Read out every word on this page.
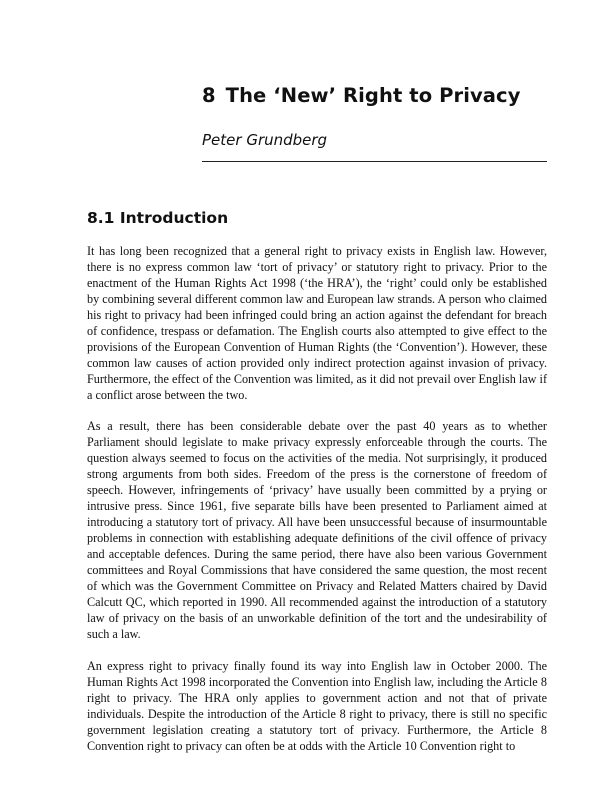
8 The ‘New’ Right to Privacy
Peter Grundberg
8.1 Introduction

It has long been recognized that a general right to privacy exists in English law. However, there is no express common law ‘tort of privacy’ or statutory right to privacy. Prior to the enactment of the Human Rights Act 1998 (‘the HRA’), the ‘right’ could only be established by combining several different common law and European law strands. A person who claimed his right to privacy had been infringed could bring an action against the defendant for breach of confidence, trespass or defamation. The English courts also attempted to give effect to the provisions of the European Convention of Human Rights (the ‘Convention’). However, these common law causes of action provided only indirect protection against invasion of privacy. Furthermore, the effect of the Convention was limited, as it did not prevail over English law if a conflict arose between the two.

As a result, there has been considerable debate over the past 40 years as to whether Parliament should legislate to make privacy expressly enforceable through the courts. The question always seemed to focus on the activities of the media. Not surprisingly, it produced strong arguments from both sides. Freedom of the press is the cornerstone of freedom of speech. However, infringements of ‘privacy’ have usually been committed by a prying or intrusive press. Since 1961, five separate bills have been presented to Parliament aimed at introducing a statutory tort of privacy. All have been unsuccessful because of insurmountable problems in connection with establishing adequate definitions of the civil offence of privacy and acceptable defences. During the same period, there have also been various Government committees and Royal Commissions that have considered the same question, the most recent of which was the Government Committee on Privacy and Related Matters chaired by David Calcutt QC, which reported in 1990. All recommended against the introduction of a statutory law of privacy on the basis of an unworkable definition of the tort and the undesirability of such a law.

An express right to privacy finally found its way into English law in October 2000. The Human Rights Act 1998 incorporated the Convention into English law, including the Article 8 right to privacy. The HRA only applies to government action and not that of private individuals. Despite the introduction of the Article 8 right to privacy, there is still no specific government legislation creating a statutory tort of privacy. Furthermore, the Article 8 Convention right to privacy can often be at odds with the Article 10 Convention right to
